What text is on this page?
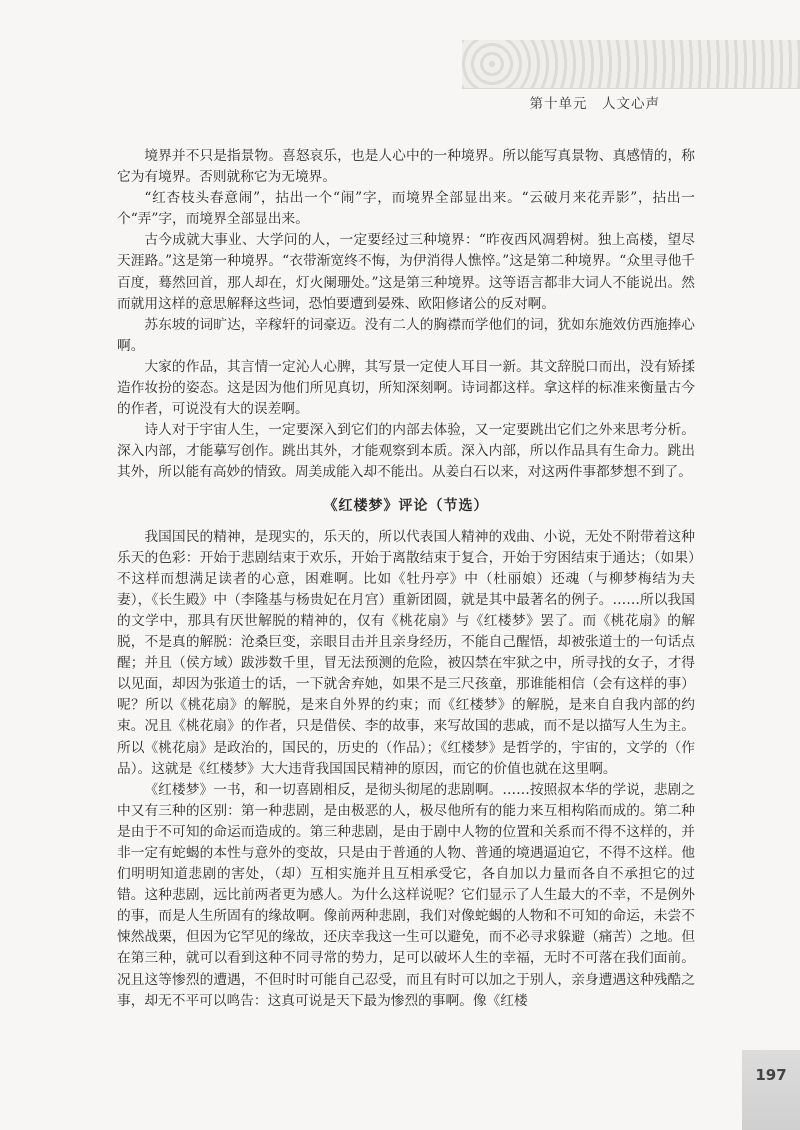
第十单元　人文心声

境界并不只是指景物。喜怒哀乐，也是人心中的一种境界。所以能写真景物、真感情的，称它为有境界。否则就称它为无境界。

“红杏枝头春意闹”，拈出一个“闹”字，而境界全部显出来。“云破月来花弄影”，拈出一个“弄”字，而境界全部显出来。

古今成就大事业、大学问的人，一定要经过三种境界：“昨夜西风凋碧树。独上高楼，望尽天涯路。”这是第一种境界。“衣带渐宽终不悔，为伊消得人憔悴。”这是第二种境界。“众里寻他千百度，蓦然回首，那人却在，灯火阑珊处。”这是第三种境界。这等语言都非大词人不能说出。然而就用这样的意思解释这些词，恐怕要遭到晏殊、欧阳修诸公的反对啊。

苏东坡的词旷达，辛稼轩的词豪迈。没有二人的胸襟而学他们的词，犹如东施效仿西施捧心啊。

大家的作品，其言情一定沁人心脾，其写景一定使人耳目一新。其文辞脱口而出，没有矫揉造作妆扮的姿态。这是因为他们所见真切，所知深刻啊。诗词都这样。拿这样的标准来衡量古今的作者，可说没有大的误差啊。

诗人对于宇宙人生，一定要深入到它们的内部去体验，又一定要跳出它们之外来思考分析。深入内部，才能摹写创作。跳出其外，才能观察到本质。深入内部，所以作品具有生命力。跳出其外，所以能有高妙的情致。周美成能入却不能出。从姜白石以来，对这两件事都梦想不到了。

《红楼梦》评论（节选）

我国国民的精神，是现实的，乐天的，所以代表国人精神的戏曲、小说，无处不附带着这种乐天的色彩：开始于悲剧结束于欢乐，开始于离散结束于复合，开始于穷困结束于通达；（如果）不这样而想满足读者的心意，困难啊。比如《牡丹亭》中（杜丽娘）还魂（与柳梦梅结为夫妻），《长生殿》中（李隆基与杨贵妃在月宫）重新团圆，就是其中最著名的例子。……所以我国的文学中，那具有厌世解脱的精神的，仅有《桃花扇》与《红楼梦》罢了。而《桃花扇》的解脱，不是真的解脱：沧桑巨变，亲眼目击并且亲身经历，不能自己醒悟，却被张道士的一句话点醒；并且（侯方域）跋涉数千里，冒无法预测的危险，被囚禁在牢狱之中，所寻找的女子，才得以见面，却因为张道士的话，一下就舍弃她，如果不是三尺孩童，那谁能相信（会有这样的事）呢？所以《桃花扇》的解脱，是来自外界的约束；而《红楼梦》的解脱，是来自自我内部的约束。况且《桃花扇》的作者，只是借侯、李的故事，来写故国的悲戚，而不是以描写人生为主。所以《桃花扇》是政治的，国民的，历史的（作品）；《红楼梦》是哲学的，宇宙的，文学的（作品）。这就是《红楼梦》大大违背我国国民精神的原因，而它的价值也就在这里啊。

《红楼梦》一书，和一切喜剧相反，是彻头彻尾的悲剧啊。……按照叔本华的学说，悲剧之中又有三种的区别：第一种悲剧，是由极恶的人，极尽他所有的能力来互相构陷而成的。第二种是由于不可知的命运而造成的。第三种悲剧，是由于剧中人物的位置和关系而不得不这样的，并非一定有蛇蝎的本性与意外的变故，只是由于普通的人物、普通的境遇逼迫它，不得不这样。他们明明知道悲剧的害处，（却）互相实施并且互相承受它，各自加以力量而各自不承担它的过错。这种悲剧，远比前两者更为感人。为什么这样说呢？它们显示了人生最大的不幸，不是例外的事，而是人生所固有的缘故啊。像前两种悲剧，我们对像蛇蝎的人物和不可知的命运，未尝不悚然战栗，但因为它罕见的缘故，还庆幸我这一生可以避免，而不必寻求躲避（痛苦）之地。但在第三种，就可以看到这种不同寻常的势力，足可以破坏人生的幸福，无时不可落在我们面前。况且这等惨烈的遭遇，不但时时可能自己忍受，而且有时可以加之于别人，亲身遭遇这种残酷之事，却无不平可以鸣告：这真可说是天下最为惨烈的事啊。像《红楼

197
